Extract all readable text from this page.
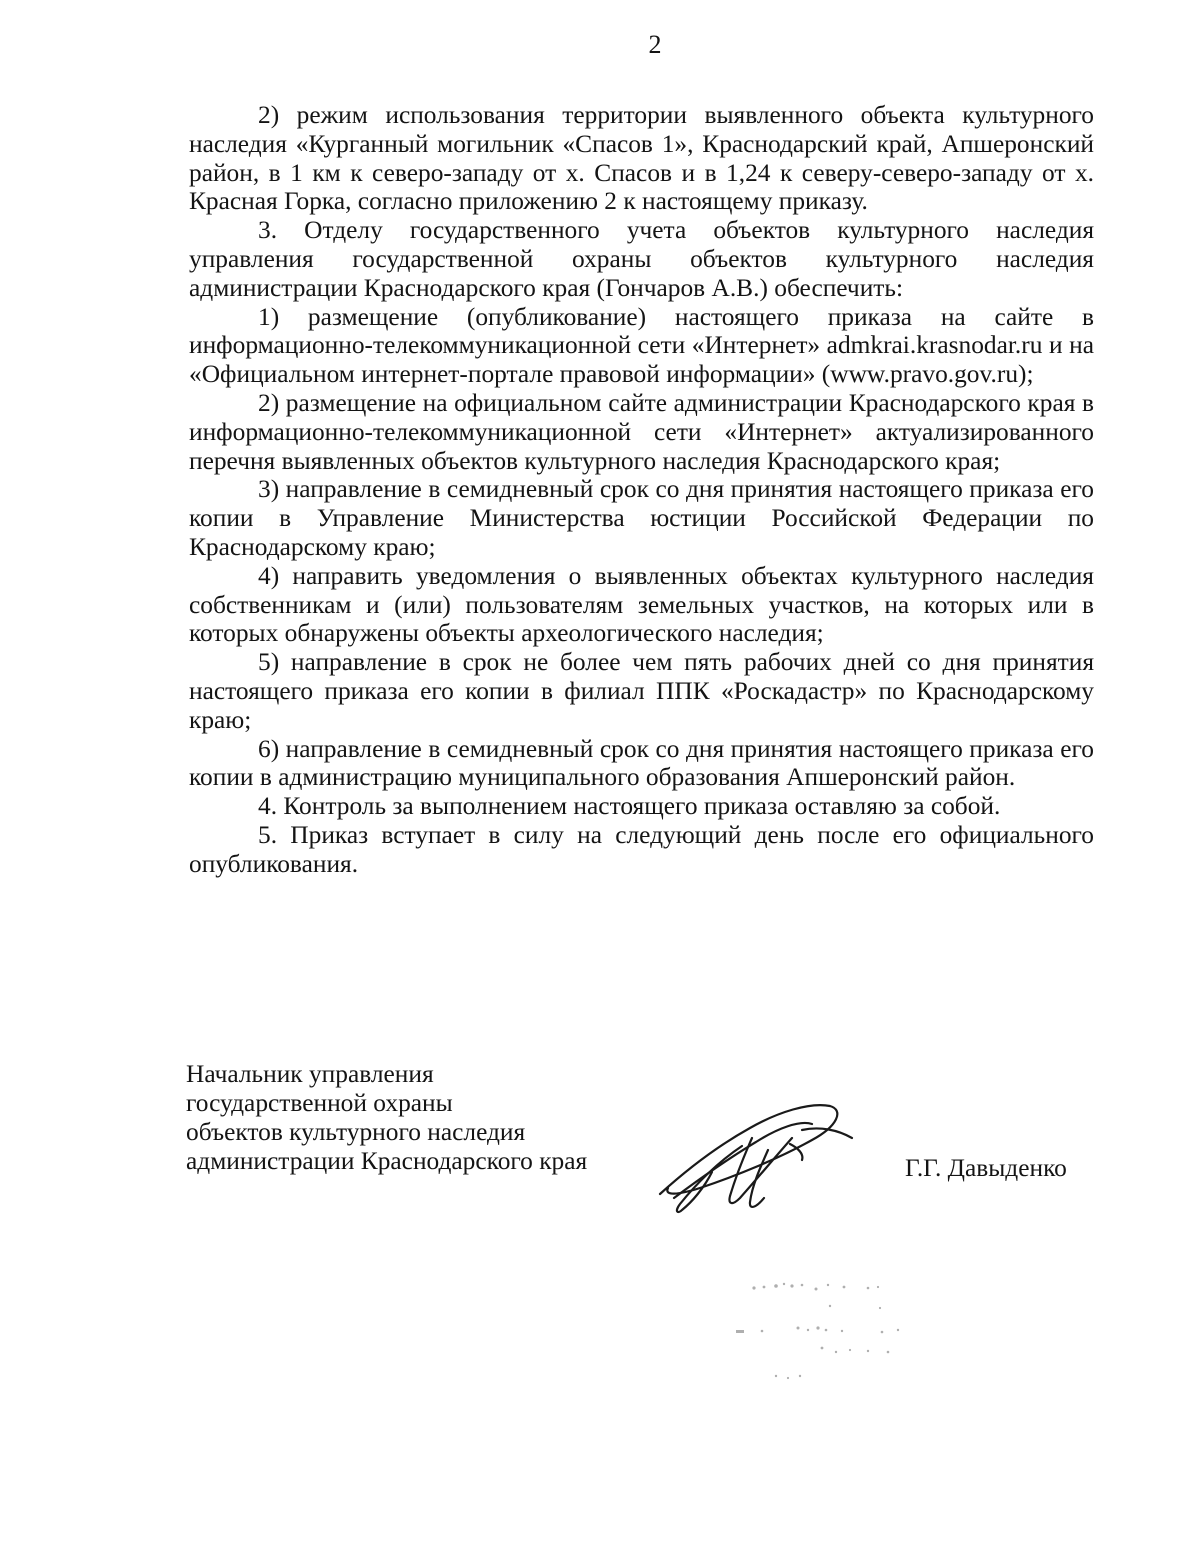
2

2) режим использования территории выявленного объекта культурного наследия «Курганный могильник «Спасов 1», Краснодарский край, Апшеронский район, в 1 км к северо-западу от х. Спасов и в 1,24 к северу-северо-западу от х. Красная Горка, согласно приложению 2 к настоящему приказу.

3. Отделу государственного учета объектов культурного наследия управления государственной охраны объектов культурного наследия администрации Краснодарского края (Гончаров А.В.) обеспечить:

1) размещение (опубликование) настоящего приказа на сайте в информационно-телекоммуникационной сети «Интернет» admkrai.krasnodar.ru и на «Официальном интернет-портале правовой информации» (www.pravo.gov.ru);

2) размещение на официальном сайте администрации Краснодарского края в информационно-телекоммуникационной сети «Интернет» актуализированного перечня выявленных объектов культурного наследия Краснодарского края;

3) направление в семидневный срок со дня принятия настоящего приказа его копии в Управление Министерства юстиции Российской Федерации по Краснодарскому краю;

4) направить уведомления о выявленных объектах культурного наследия собственникам и (или) пользователям земельных участков, на которых или в которых обнаружены объекты археологического наследия;

5) направление в срок не более чем пять рабочих дней со дня принятия настоящего приказа его копии в филиал ППК «Роскадастр» по Краснодарскому краю;

6) направление в семидневный срок со дня принятия настоящего приказа его копии в администрацию муниципального образования Апшеронский район.

4. Контроль за выполнением настоящего приказа оставляю за собой.

5. Приказ вступает в силу на следующий день после его официального опубликования.

Начальник управления
государственной охраны
объектов культурного наследия
администрации Краснодарского края	Г.Г. Давыденко
